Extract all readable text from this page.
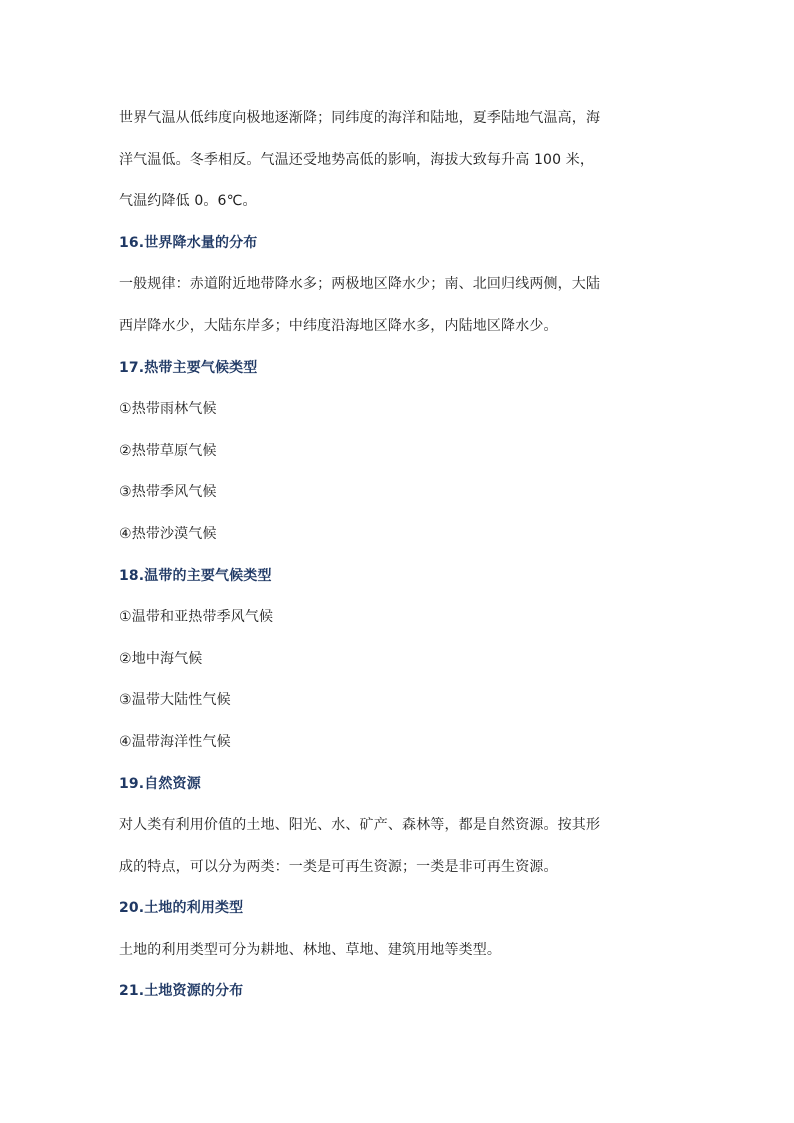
世界气温从低纬度向极地逐渐降；同纬度的海洋和陆地，夏季陆地气温高，海
洋气温低。冬季相反。气温还受地势高低的影响，海拔大致每升高 100 米，
气温约降低 0。6℃。
16.世界降水量的分布
一般规律：赤道附近地带降水多；两极地区降水少；南、北回归线两侧，大陆
西岸降水少，大陆东岸多；中纬度沿海地区降水多，内陆地区降水少。
17.热带主要气候类型
①热带雨林气候
②热带草原气候
③热带季风气候
④热带沙漠气候
18.温带的主要气候类型
①温带和亚热带季风气候
②地中海气候
③温带大陆性气候
④温带海洋性气候
19.自然资源
对人类有利用价值的土地、阳光、水、矿产、森林等，都是自然资源。按其形
成的特点，可以分为两类：一类是可再生资源；一类是非可再生资源。
20.土地的利用类型
土地的利用类型可分为耕地、林地、草地、建筑用地等类型。
21.土地资源的分布
